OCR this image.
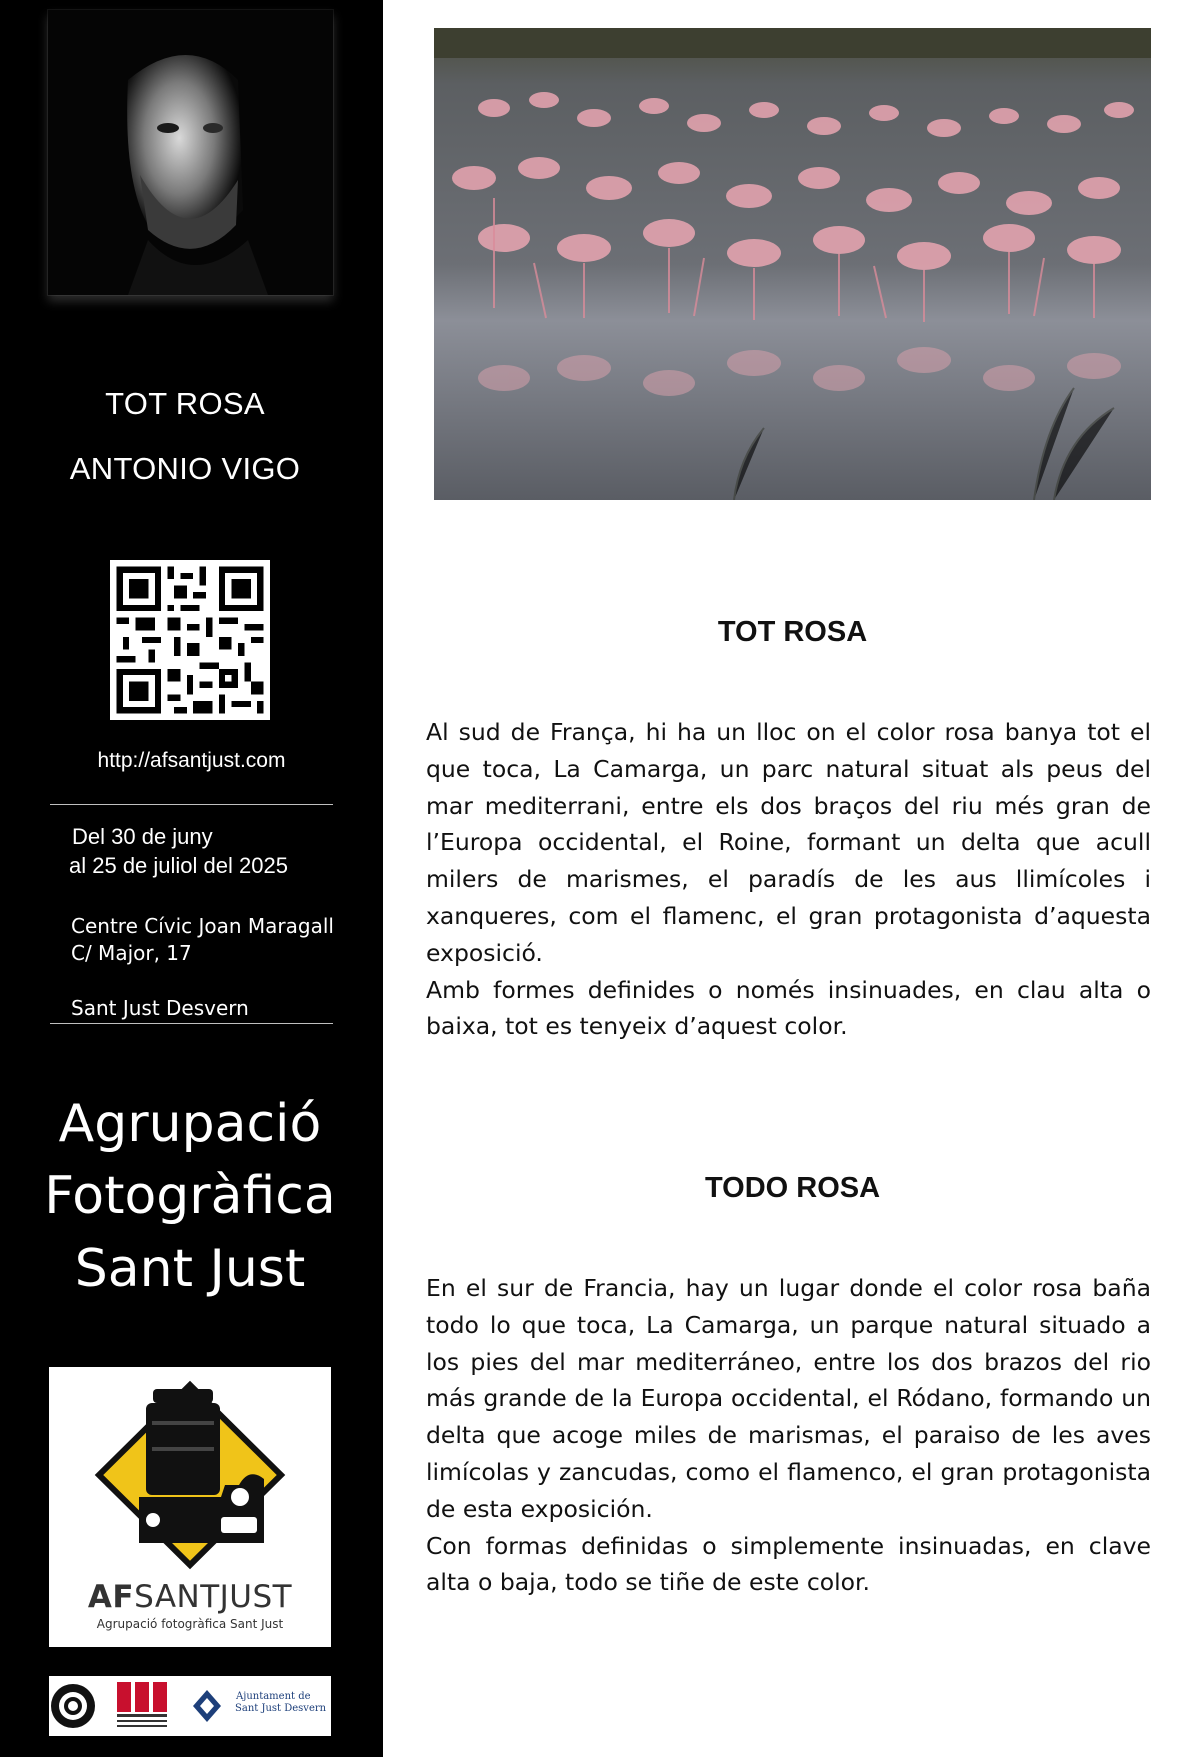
TOT ROSA
ANTONIO VIGO
http://afsantjust.com
Del 30 de juny
al 25 de juliol del 2025
Centre Cívic Joan Maragall
C/ Major, 17
Sant Just Desvern
Agrupació
Fotogràfica
Sant Just
AFSANTJUST
Agrupació fotogràfica Sant Just
Ajuntament de
Sant Just Desvern
TOT ROSA

Al sud de França, hi ha un lloc on el color rosa banya tot el que toca, La Camarga, un parc natural situat als peus del mar mediterrani, entre els dos braços del riu més gran de l’Europa occidental, el Roine, formant un delta que acull milers de marismes, el paradís de les aus llimícoles i xanqueres, com el flamenc, el gran protagonista d’aquesta exposició.

Amb formes definides o només insinuades, en clau alta o baixa, tot es tenyeix d’aquest color.

TODO ROSA

En el sur de Francia, hay un lugar donde el color rosa baña todo lo que toca, La Camarga, un parque natural situado a los pies del mar mediterráneo, entre los dos brazos del rio más grande de la Europa occidental, el Ródano, formando un delta que acoge miles de marismas, el paraiso de les aves limícolas y zancudas, como el flamenco, el gran protagonista de esta exposición.

Con formas definidas o simplemente insinuadas, en clave alta o baja, todo se tiñe de este color.
